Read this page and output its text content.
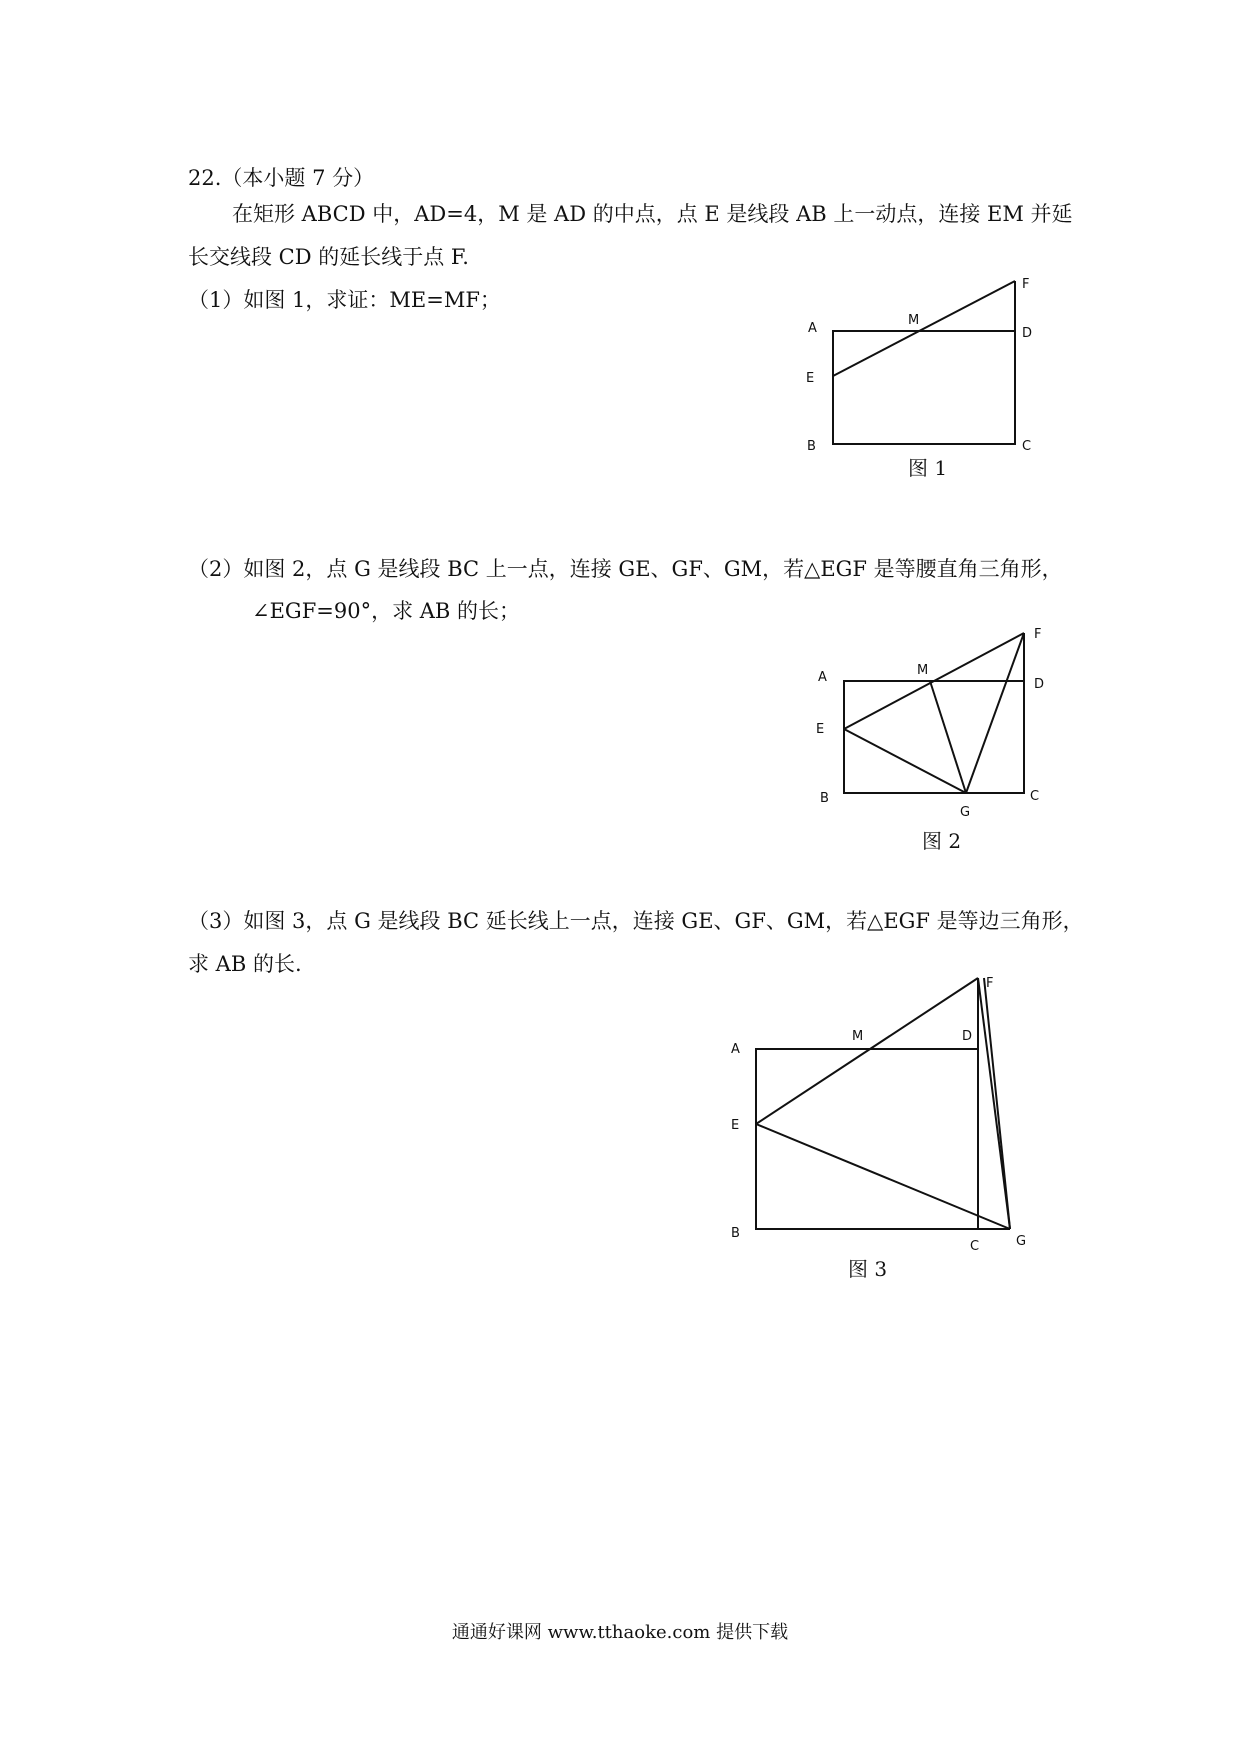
22.（本小题 7 分）
在矩形 ABCD 中，AD=4，M 是 AD 的中点，点 E 是线段 AB 上一动点，连接 EM 并延
长交线段 CD 的延长线于点 F.
（1）如图 1，求证：ME=MF；
A
B	C
D
E
F
M
图 1
（2）如图 2，点 G 是线段 BC 上一点，连接 GE、GF、GM，若△EGF 是等腰直角三角形，
∠EGF=90°，求 AB 的长；
A
B	C
D
E
F
G
M
图 2
（3）如图 3，点 G 是线段 BC 延长线上一点，连接 GE、GF、GM，若△EGF 是等边三角形，
求 AB 的长.
A
B
C
D
E
F
G
M
图 3
通通好课网 www.tthaoke.com 提供下载
